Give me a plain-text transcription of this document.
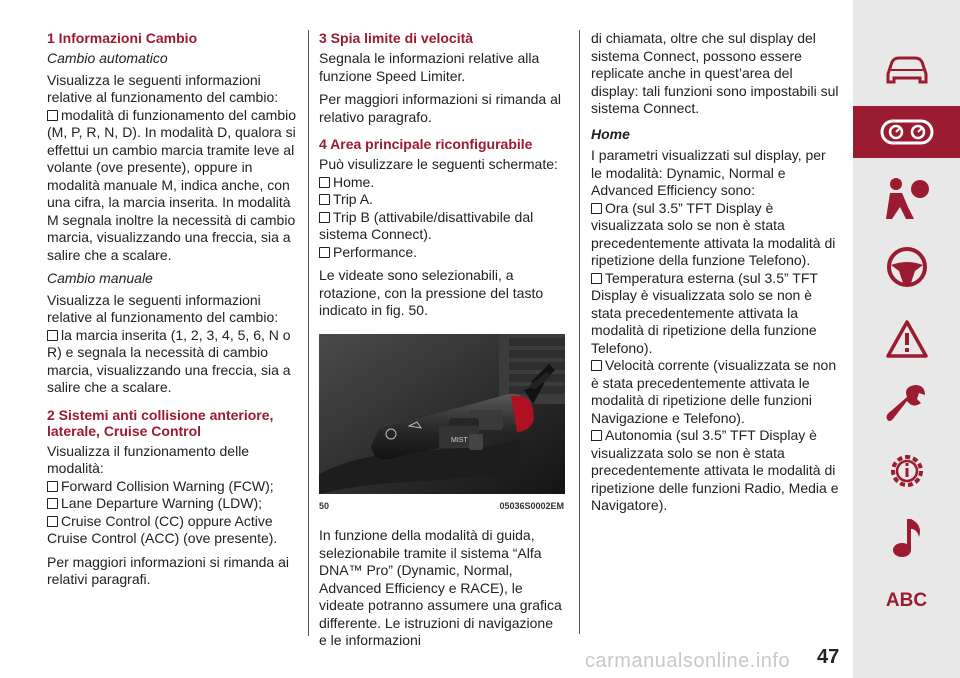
1 Informazioni Cambio

Cambio automatico

Visualizza le seguenti informazioni relative al funzionamento del cambio:

modalità di funzionamento del cambio (M, P, R, N, D). In modalità D, qualora si effettui un cambio marcia tramite leve al volante (ove presente), oppure in modalità manuale M, indica anche, con una cifra, la marcia inserita. In modalità M segnala inoltre la necessità di cambio marcia, visualizzando una freccia, sia a salire che a scalare.

Cambio manuale

Visualizza le seguenti informazioni relative al funzionamento del cambio:

la marcia inserita (1, 2, 3, 4, 5, 6, N o R) e segnala la necessità di cambio marcia, visualizzando una freccia, sia a salire che a scalare.

2 Sistemi anti collisione anteriore, laterale, Cruise Control

Visualizza il funzionamento delle modalità:

Forward Collision Warning (FCW);

Lane Departure Warning (LDW);

Cruise Control (CC) oppure Active Cruise Control (ACC) (ove presente).

Per maggiori informazioni si rimanda ai relativi paragrafi.

3 Spia limite di velocità

Segnala le informazioni relative alla funzione Speed Limiter.

Per maggiori informazioni si rimanda al relativo paragrafo.

4 Area principale riconfigurabile

Può visulizzare le seguenti schermate:

Home.

Trip A.

Trip B (attivabile/disattivabile dal sistema Connect).

Performance.

Le videate sono selezionabili, a rotazione, con la pressione del tasto indicato in fig. 50.

MIST
50	05036S0002EM

In funzione della modalità di guida, selezionabile tramite il sistema “Alfa DNA™ Pro” (Dynamic, Normal, Advanced Efficiency e RACE), le videate potranno assumere una grafica differente. Le istruzioni di navigazione e le informazioni

di chiamata, oltre che sul display del sistema Connect, possono essere replicate anche in quest’area del display: tali funzioni sono impostabili sul sistema Connect.

Home

I parametri visualizzati sul display, per le modalità: Dynamic, Normal e Advanced Efficiency sono:

Ora (sul 3.5” TFT Display è visualizzata solo se non è stata precedentemente attivata la modalità di ripetizione della funzione Telefono).

Temperatura esterna (sul 3.5” TFT Display è visualizzata solo se non è stata precedentemente attivata la modalità di ripetizione della funzione Telefono).

Velocità corrente (visualizzata se non è stata precedentemente attivata le modalità di ripetizione delle funzioni Navigazione e Telefono).

Autonomia (sul 3.5” TFT Display è visualizzata solo se non è stata precedentemente attivata le modalità di ripetizione delle funzioni Radio, Media e Navigatore).

ABC
carmanualsonline.info 47
